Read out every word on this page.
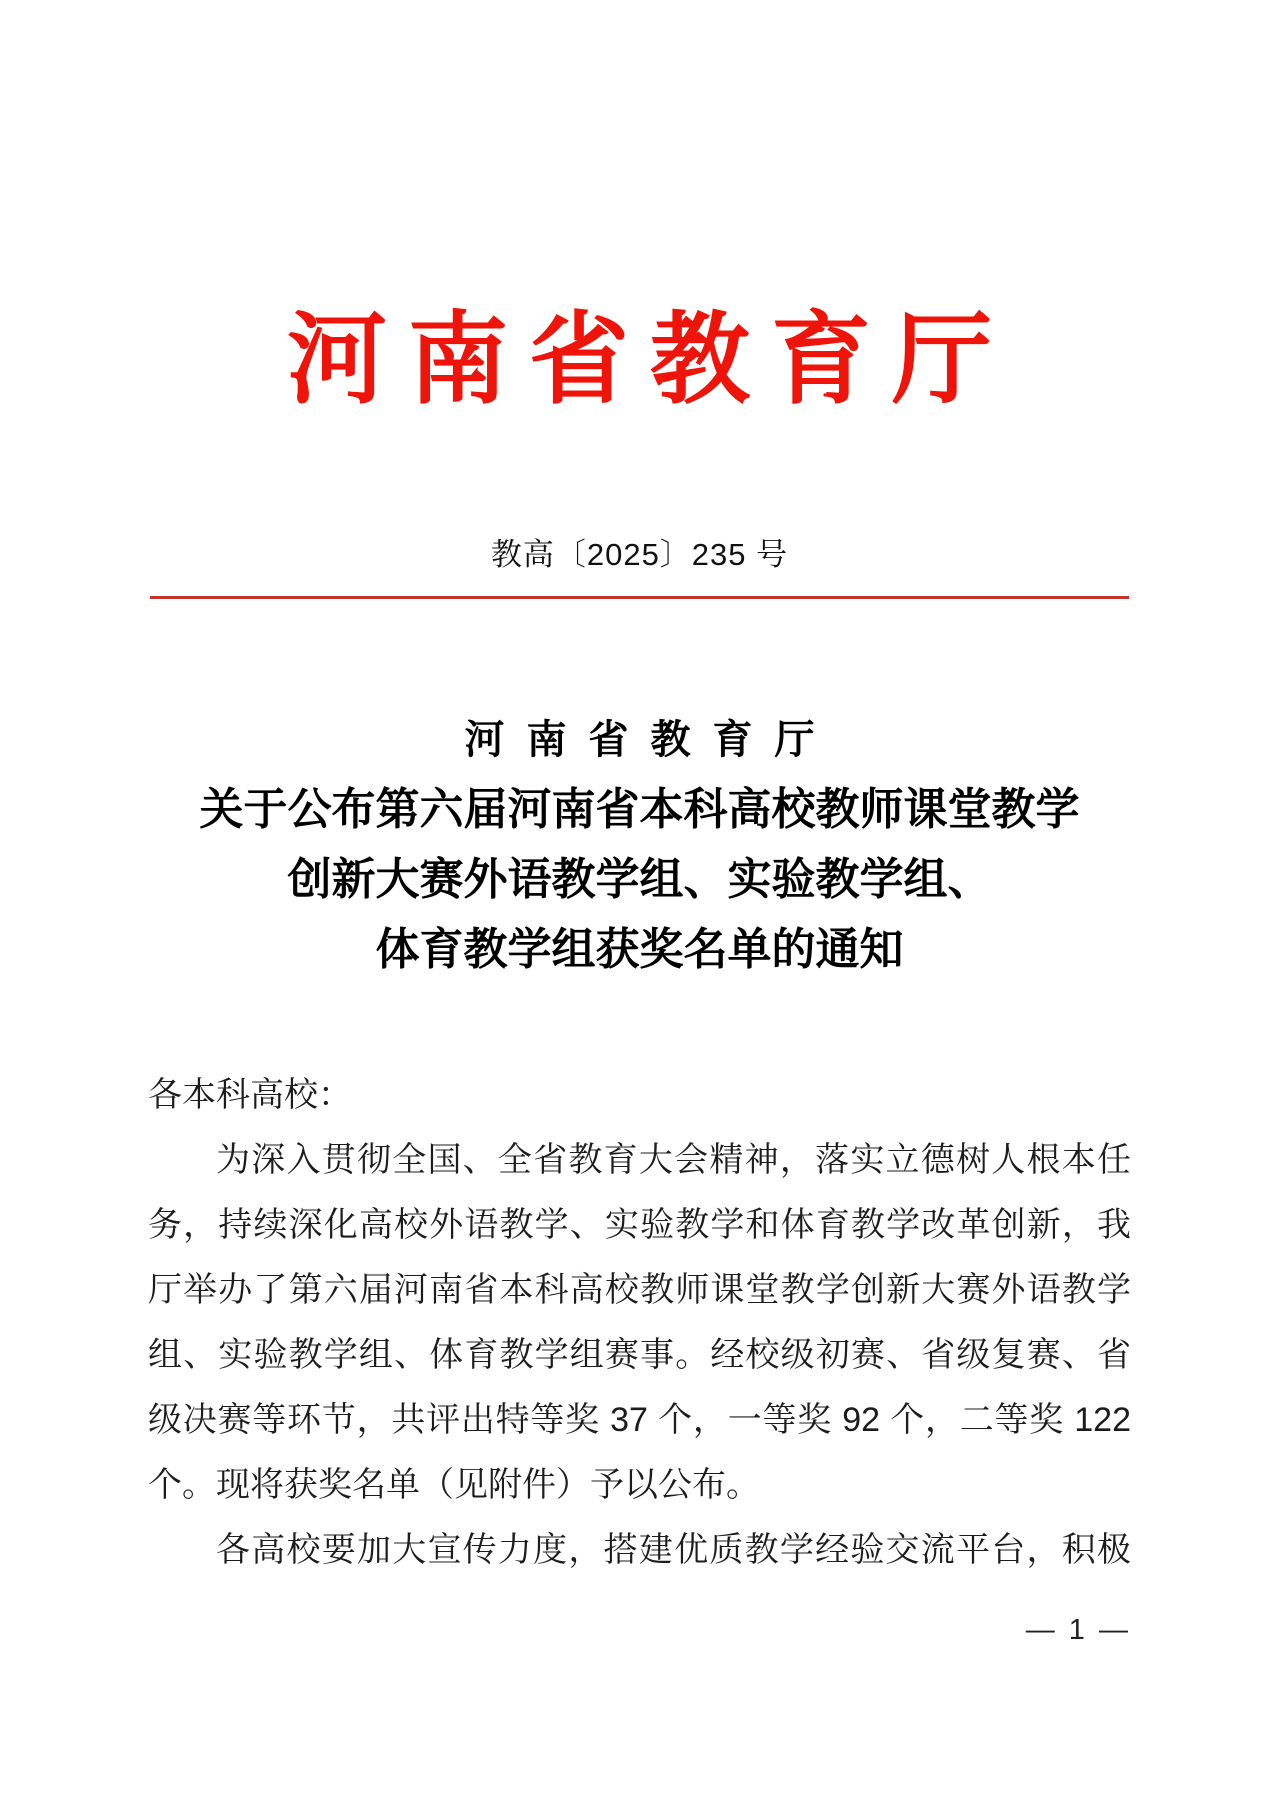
河南省教育厅
教高〔2025〕235 号
河南省教育厅
关于公布第六届河南省本科高校教师课堂教学
创新大赛外语教学组、实验教学组、
体育教学组获奖名单的通知
各本科高校：
为深入贯彻全国、全省教育大会精神，落实立德树人根本任
务，持续深化高校外语教学、实验教学和体育教学改革创新，我
厅举办了第六届河南省本科高校教师课堂教学创新大赛外语教学
组、实验教学组、体育教学组赛事。经校级初赛、省级复赛、省
级决赛等环节，共评出特等奖 37 个，一等奖 92 个，二等奖 122
个。现将获奖名单（见附件）予以公布。
各高校要加大宣传力度，搭建优质教学经验交流平台，积极
— 1 —
